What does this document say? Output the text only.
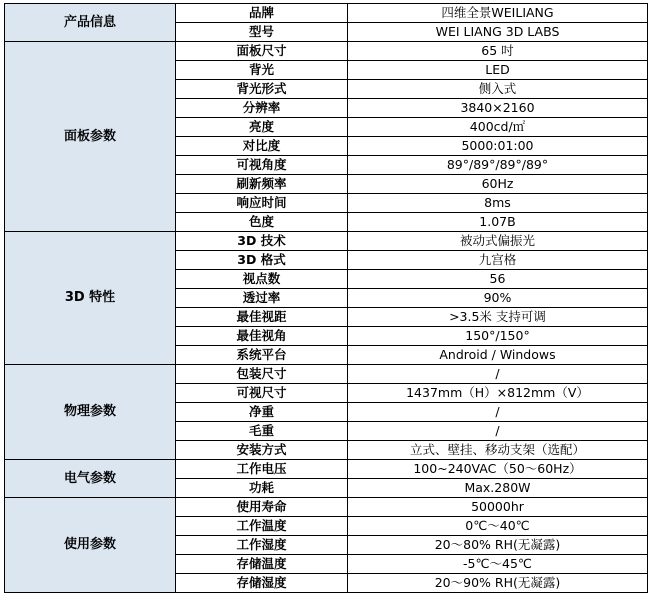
产品信息	品牌	四维全景WEILIANG
	型号	WEI LIANG 3D LABS
面板参数	面板尺寸	65 吋
	背光	LED
	背光形式	侧入式
	分辨率	3840×2160
	亮度	400cd/㎡
	对比度	5000:01:00
	可视角度	89°/89°/89°/89°
	刷新频率	60Hz
	响应时间	8ms
	色度	1.07B
3D 特性	3D 技术	被动式偏振光
	3D 格式	九宫格
	视点数	56
	透过率	90%
	最佳视距	>3.5米 支持可调
	最佳视角	150°/150°
	系统平台	Android / Windows
物理参数	包装尺寸	/
	可视尺寸	1437mm（H）×812mm（V）
	净重	/
	毛重	/
	安装方式	立式、壁挂、移动支架（选配）
电气参数	工作电压	100~240VAC（50～60Hz）
	功耗	Max.280W
使用参数	使用寿命	50000hr
	工作温度	0℃～40℃
	工作湿度	20～80% RH(无凝露)
	存储温度	-5℃～45℃
	存储湿度	20～90% RH(无凝露)
